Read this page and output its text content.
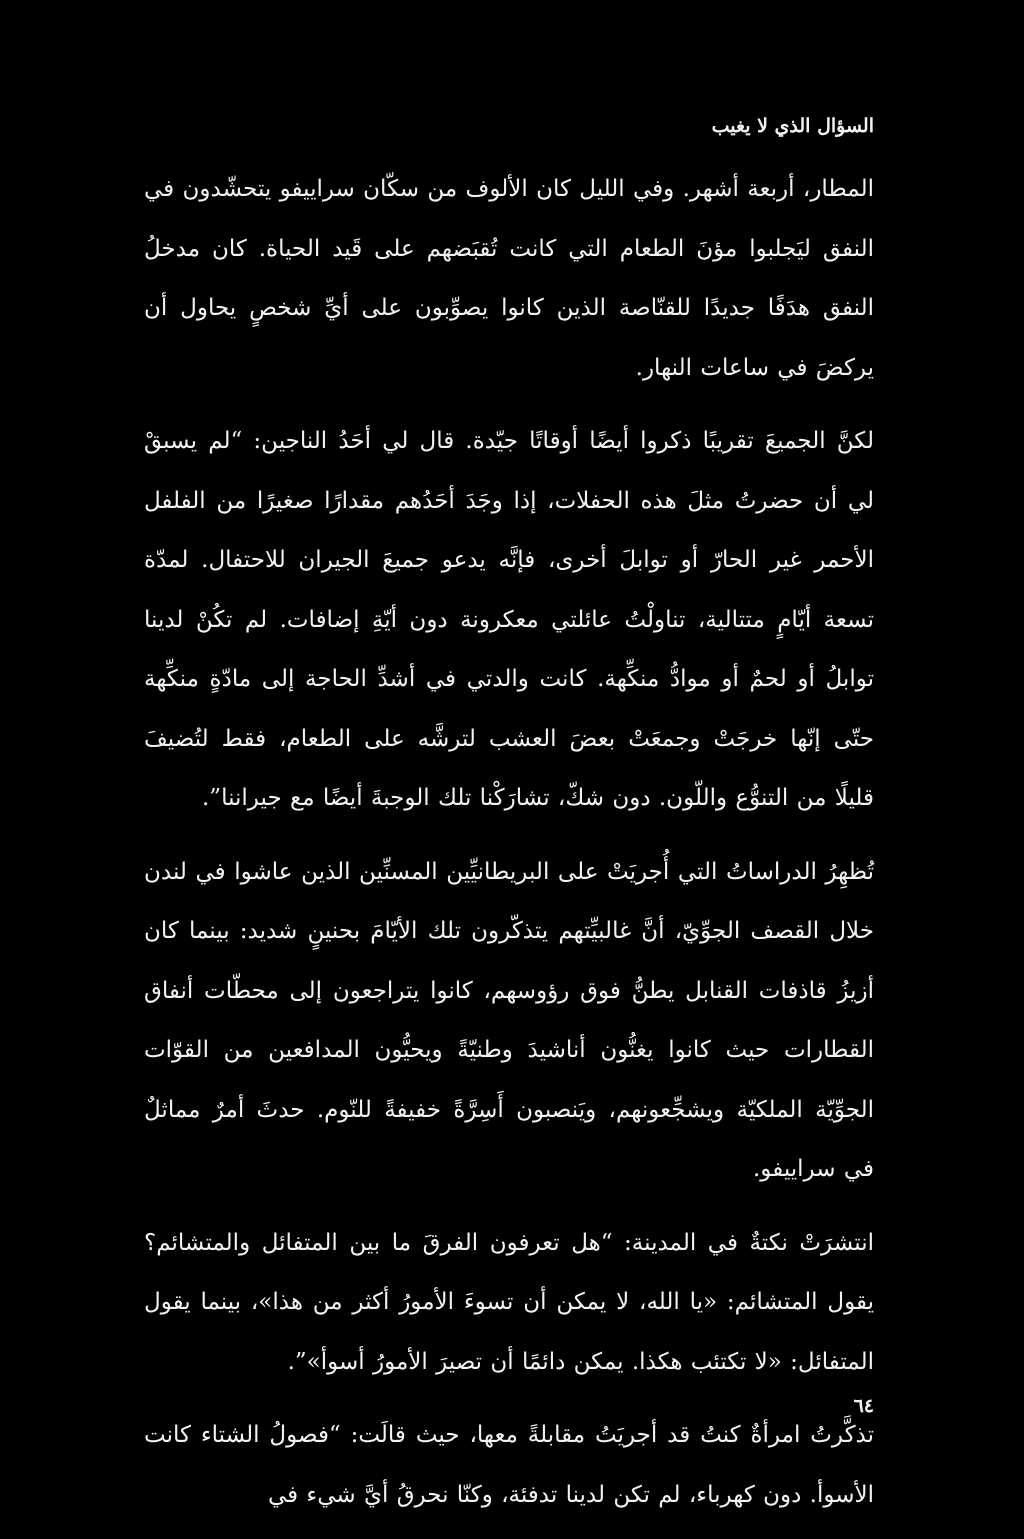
السؤال الذي لا يغيب

المطار، أربعة أشهر. وفي الليل كان الألوف من سكّان سراييفو يتحشّدون في النفق ليَجلبوا مؤنَ الطعام التي كانت تُقبَضهم على قَيد الحياة. كان مدخلُ النفق هدَفًا جديدًا للقنّاصة الذين كانوا يصوِّبون على أيِّ شخصٍ يحاول أن يركضَ في ساعات النهار.

لكنَّ الجميعَ تقريبًا ذكروا أيضًا أوقاتًا جيّدة. قال لي أحَدُ الناجين: “لم يسبقْ لي أن حضرتُ مثلَ هذه الحفلات، إذا وجَدَ أحَدُهم مقدارًا صغيرًا من الفلفل الأحمر غير الحارّ أو توابلَ أخرى، فإنَّه يدعو جميعَ الجيران للاحتفال. لمدّة تسعة أيّامٍ متتالية، تناولْتُ عائلتي معكرونة دون أيّةِ إضافات. لم تكُنْ لدينا توابلُ أو لحمٌ أو موادُّ منكِّهة. كانت والدتي في أشدِّ الحاجة إلى مادّةٍ منكِّهة حتّى إنّها خرجَتْ وجمعَتْ بعضَ العشب لترشَّه على الطعام، فقط لتُضيفَ قليلًا من التنوُّع واللّون. دون شكّ، تشارَكْنا تلك الوجبةَ أيضًا مع جيراننا”.

تُظهِرُ الدراساتُ التي أُجريَتْ على البريطانيِّين المسنِّين الذين عاشوا في لندن خلال القصف الجوِّيّ، أنَّ غالبيِّتهم يتذكّرون تلك الأيّامَ بحنينٍ شديد: بينما كان أزيزُ قاذفات القنابل يطنُّ فوق رؤوسهم، كانوا يتراجعون إلى محطّات أنفاق القطارات حيث كانوا يغنُّون أناشيدَ وطنيّةً ويحيُّون المدافعين من القوّات الجوِّيّة الملكيّة ويشجِّعونهم، ويَنصبون أَسِرَّةً خفيفةً للنّوم. حدثَ أمرٌ مماثلٌ في سراييفو.

انتشرَتْ نكتةٌ في المدينة: “هل تعرفون الفرقَ ما بين المتفائل والمتشائم؟ يقول المتشائم: «يا الله، لا يمكن أن تسوءَ الأمورُ أكثر من هذا»، بينما يقول المتفائل: «لا تكتئب هكذا. يمكن دائمًا أن تصيرَ الأمورُ أسوأ»”.

تذكَّرتُ امرأةٌ كنتُ قد أجريَتُ مقابلةً معها، حيث قالَت: “فصولُ الشتاء كانت الأسوأ. دون كهرباء، لم تكن لدينا تدفئة، وكنّا نحرقُ أيَّ شيء في

٦٤
